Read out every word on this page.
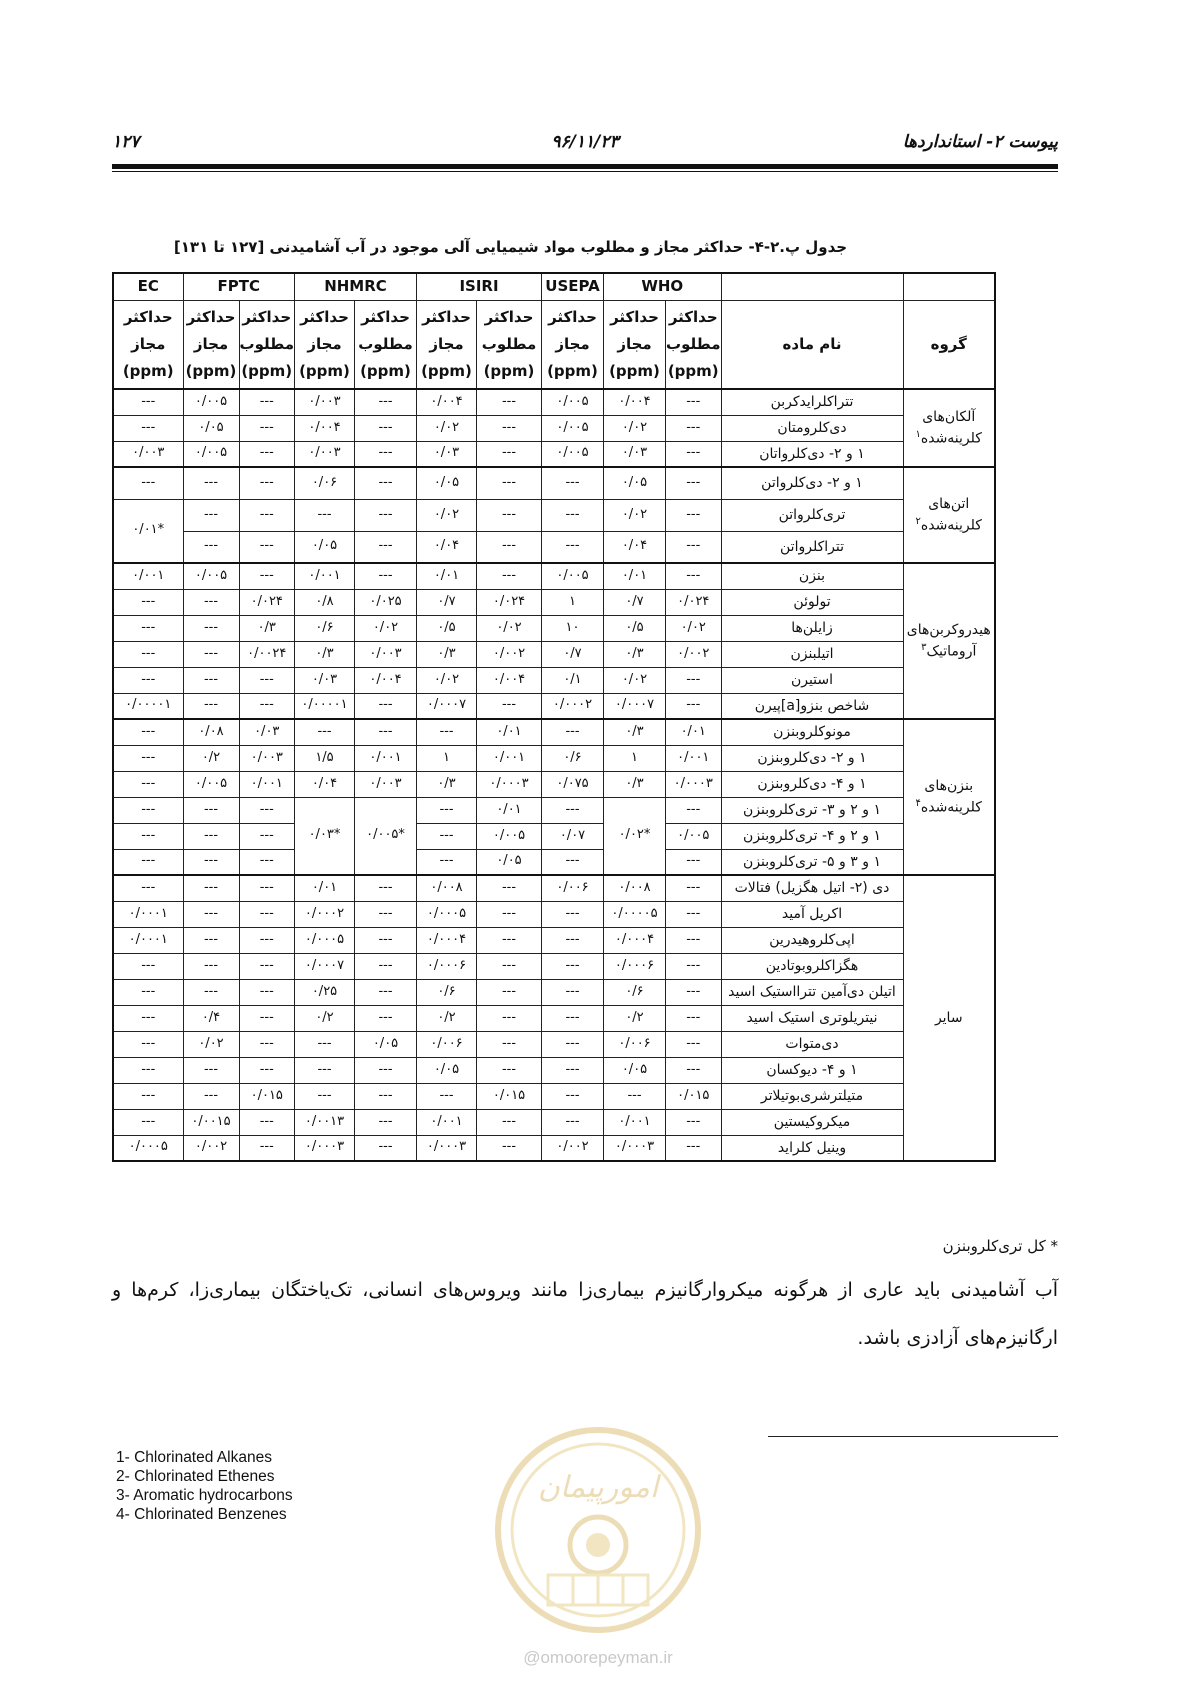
پیوست ۲- استانداردها
۹۶/۱۱/۲۳
۱۲۷
جدول پ.۲-۴- حداکثر مجاز و مطلوب مواد شیمیایی آلی موجود در آب آشامیدنی [۱۲۷ تا ۱۳۱]
EC	FPTC		NHMRC		ISIRI		USEPA	WHO			
حداکثر مجاز (ppm)	حداکثر مجاز (ppm)	حداکثر مطلوب (ppm)	حداکثر مجاز (ppm)	حداکثر مطلوب (ppm)	حداکثر مجاز (ppm)	حداکثر مطلوب (ppm)	حداکثر مجاز (ppm)	حداکثر مجاز (ppm)	حداکثر مطلوب (ppm)	نام ماده	گروه
---	۰/۰۰۵	---	۰/۰۰۳	---	۰/۰۰۴	---	۰/۰۰۵	۰/۰۰۴	---	تتراکلرایدکربن	آلکان‌های کلرینه‌شده$^۱$
---	۰/۰۵	---	۰/۰۰۴	---	۰/۰۲	---	۰/۰۰۵	۰/۰۲	---	دی‌کلرومتان	
۰/۰۰۳	۰/۰۰۵	---	۰/۰۰۳	---	۰/۰۳	---	۰/۰۰۵	۰/۰۳	---	۱ و ۲- دی‌کلرواتان	
---	---	---	۰/۰۶	---	۰/۰۵	---	---	۰/۰۵	---	۱ و ۲- دی‌کلرواتن	اتن‌های کلرینه‌شده$^۲$
*۰/۰۱	---	---	---	---	۰/۰۲	---	---	۰/۰۲	---	تری‌کلرواتن	
	---	---	۰/۰۵	---	۰/۰۴	---	---	۰/۰۴	---	تتراکلرواتن	
۰/۰۰۱	۰/۰۰۵	---	۰/۰۰۱	---	۰/۰۱	---	۰/۰۰۵	۰/۰۱	---	بنزن	هیدروکربن‌های آروماتیک$^۳$
---	---	۰/۰۲۴	۰/۸	۰/۰۲۵	۰/۷	۰/۰۲۴	۱	۰/۷	۰/۰۲۴	تولوئن	
---	---	۰/۳	۰/۶	۰/۰۲	۰/۵	۰/۰۲	۱۰	۰/۵	۰/۰۲	زایلن‌ها	
---	---	۰/۰۰۲۴	۰/۳	۰/۰۰۳	۰/۳	۰/۰۰۲	۰/۷	۰/۳	۰/۰۰۲	اتیلبنزن	
---	---	---	۰/۰۳	۰/۰۰۴	۰/۰۲	۰/۰۰۴	۰/۱	۰/۰۲	---	استیرن	
۰/۰۰۰۰۱	---	---	۰/۰۰۰۰۱	---	۰/۰۰۰۷	---	۰/۰۰۰۲	۰/۰۰۰۷	---	شاخص بنزو[a]پیرن	
---	۰/۰۸	۰/۰۳	---	---	---	۰/۰۱	---	۰/۳	۰/۰۱	مونوکلروبنزن	بنزن‌های کلرینه‌شده$^۴$
---	۰/۲	۰/۰۰۳	۱/۵	۰/۰۰۱	۱	۰/۰۰۱	۰/۶	۱	۰/۰۰۱	۱ و ۲- دی‌کلروبنزن	
---	۰/۰۰۵	۰/۰۰۱	۰/۰۴	۰/۰۰۳	۰/۳	۰/۰۰۰۳	۰/۰۷۵	۰/۳	۰/۰۰۰۳	۱ و ۴- دی‌کلروبنزن	
---	---	---	*۰/۰۳	*۰/۰۰۵	---	۰/۰۱	---	*۰/۰۲	---	۱ و ۲ و ۳- تری‌کلروبنزن	
---	---	---			---	۰/۰۰۵	۰/۰۷		۰/۰۰۵	۱ و ۲ و ۴- تری‌کلروبنزن	
---	---	---			---	۰/۰۵	---		---	۱ و ۳ و ۵- تری‌کلروبنزن	
---	---	---	۰/۰۱	---	۰/۰۰۸	---	۰/۰۰۶	۰/۰۰۸	---	دی (۲- اتیل هگزیل) فتالات	سایر
۰/۰۰۰۱	---	---	۰/۰۰۰۲	---	۰/۰۰۰۵	---	---	۰/۰۰۰۰۵	---	اکریل آمید	
۰/۰۰۰۱	---	---	۰/۰۰۰۵	---	۰/۰۰۰۴	---	---	۰/۰۰۰۴	---	اپی‌کلروهیدرین	
---	---	---	۰/۰۰۰۷	---	۰/۰۰۰۶	---	---	۰/۰۰۰۶	---	هگزاکلروبوتادین	
---	---	---	۰/۲۵	---	۰/۶	---	---	۰/۶	---	اتیلن دی‌آمین تترااستیک اسید	
---	۰/۴	---	۰/۲	---	۰/۲	---	---	۰/۲	---	نیتریلوتری استیک اسید	
---	۰/۰۲	---	---	۰/۰۵	۰/۰۰۶	---	---	۰/۰۰۶	---	دی‌متوات	
---	---	---	---	---	۰/۰۵	---	---	۰/۰۵	---	۱ و ۴- دیوکسان	
---	---	۰/۰۱۵	---	---	---	۰/۰۱۵	---	---	۰/۰۱۵	متیلترشری‌بوتیلاتر	
---	۰/۰۰۱۵	---	۰/۰۰۱۳	---	۰/۰۰۱	---	---	۰/۰۰۱	---	میکروکیستین	
۰/۰۰۰۵	۰/۰۰۲	---	۰/۰۰۰۳	---	۰/۰۰۰۳	---	۰/۰۰۲	۰/۰۰۰۳	---	وینیل کلراید	
* کل تری‌کلروبنزن
آب آشامیدنی باید عاری از هرگونه میکروارگانیزم بیماری‌زا مانند ویروس‌های انسانی، تک‌یاختگان بیماری‌زا، کرم‌ها و ارگانیزم‌های آزادزی باشد.
1- Chlorinated Alkanes
2- Chlorinated Ethenes
3- Aromatic hydrocarbons
4- Chlorinated Benzenes
امورپیمان
@omoorepeyman.ir
